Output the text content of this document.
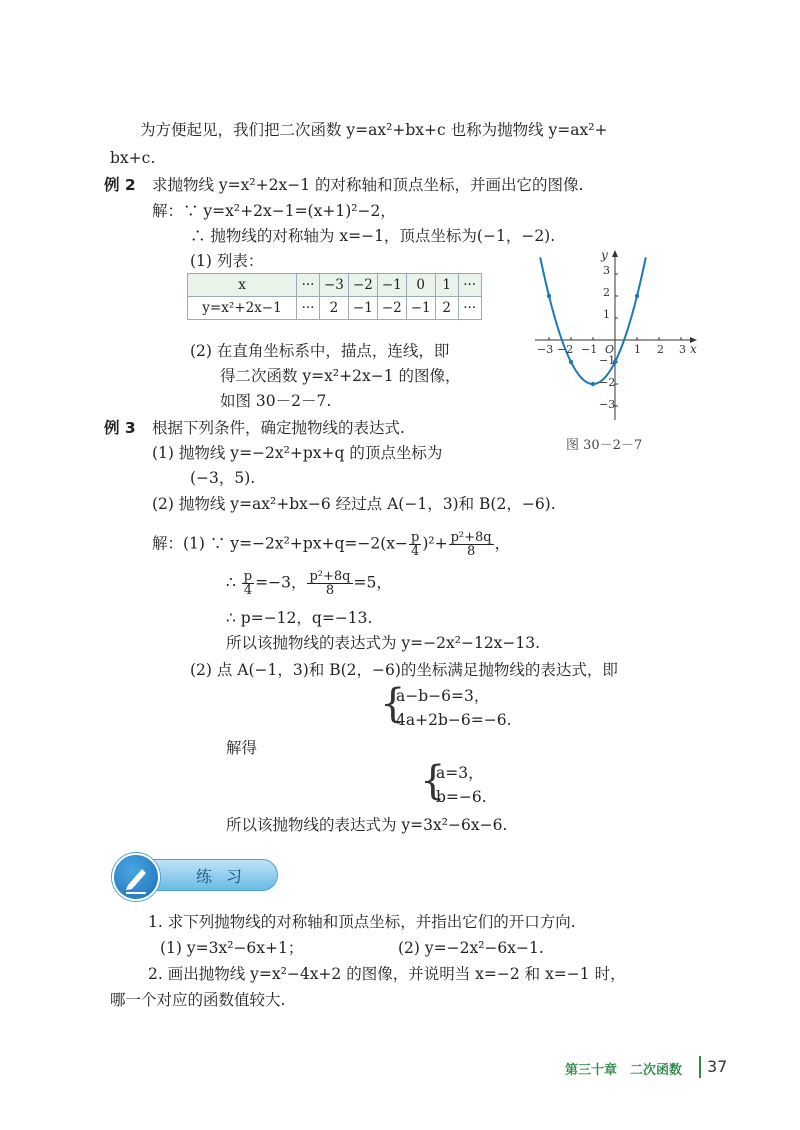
为方便起见，我们把二次函数 y=ax²+bx+c 也称为抛物线 y=ax²+
bx+c.
例 2 求抛物线 y=x²+2x−1 的对称轴和顶点坐标，并画出它的图像.
解：∵ y=x²+2x−1=(x+1)²−2，
∴ 抛物线的对称轴为 x=−1，顶点坐标为(−1，−2).
(1) 列表：
x	···	−3	−2	−1	0	1	···
y=x²+2x−1	···	2	−1	−2	−1	2	···
(2) 在直角坐标系中，描点，连线，即
得二次函数 y=x²+2x−1 的图像，
如图 30－2－7.
x
y
O
−3 −2 −1	1 2 3
3
2
1
−1
−2
−3
图 30－2－7
例 3 根据下列条件，确定抛物线的表达式.
(1) 抛物线 y=−2x²+px+q 的顶点坐标为
(−3，5).
(2) 抛物线 y=ax²+bx−6 经过点 A(−1，3)和 B(2，−6).
解：(1) ∵ $y=-2x^2+px+q=-2(x- \frac{p}{4} )^2+ \frac{\text{p²+8q}}{8}$ ，
∴ $\frac{p}{4} =-3$， $\frac{\text{p²+8q}}{8} =5$，
∴ p=−12，q=−13.
所以该抛物线的表达式为 y=−2x²−12x−13.
(2) 点 A(−1，3)和 B(2，−6)的坐标满足抛物线的表达式，即
{
a−b−6=3，
4a+2b−6=−6.
解得
{
a=3，
b=−6.
所以该抛物线的表达式为 y=3x²−6x−6.
练习
1. 求下列抛物线的对称轴和顶点坐标，并指出它们的开口方向.
(1) y=3x²−6x+1；	(2) y=−2x²−6x−1.
2. 画出抛物线 y=x²−4x+2 的图像，并说明当 x=−2 和 x=−1 时，
哪一个对应的函数值较大.
第三十章　二次函数 37
